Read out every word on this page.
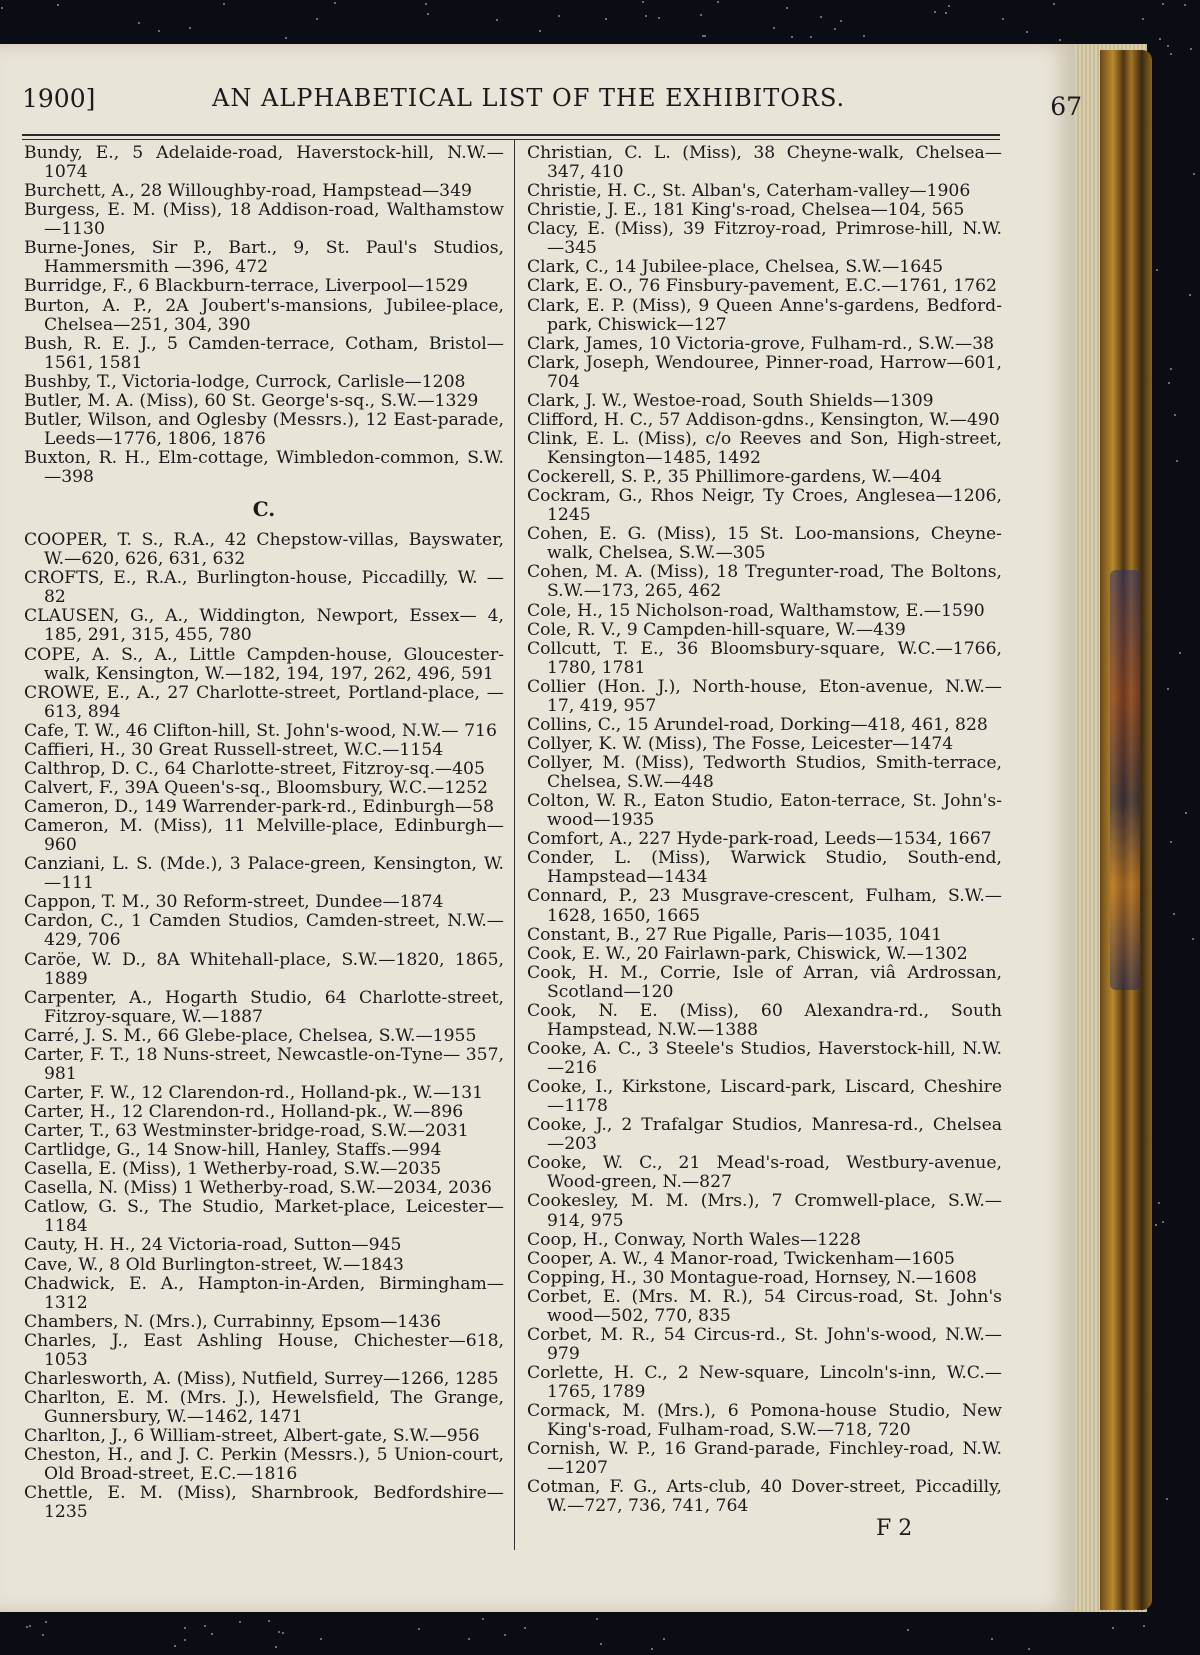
1900]	AN ALPHABETICAL LIST OF THE EXHIBITORS.	67

Bundy, E., 5 Adelaide-road, Haverstock-hill, N.W.— 1074

Burchett, A., 28 Willoughby-road, Hampstead—349

Burgess, E. M. (Miss), 18 Addison-road, Walthamstow —1130

Burne-Jones, Sir P., Bart., 9, St. Paul's Studios, Hammersmith —396, 472

Burridge, F., 6 Blackburn-terrace, Liverpool—1529

Burton, A. P., 2A Joubert's-mansions, Jubilee-place, Chelsea—251, 304, 390

Bush, R. E. J., 5 Camden-terrace, Cotham, Bristol— 1561, 1581

Bushby, T., Victoria-lodge, Currock, Carlisle—1208

Butler, M. A. (Miss), 60 St. George's-sq., S.W.—1329

Butler, Wilson, and Oglesby (Messrs.), 12 East-parade, Leeds—1776, 1806, 1876

Buxton, R. H., Elm-cottage, Wimbledon-common, S.W. —398

C.

COOPER, T. S., R.A., 42 Chepstow-villas, Bayswater, W.—620, 626, 631, 632

CROFTS, E., R.A., Burlington-house, Piccadilly, W. —82

CLAUSEN, G., A., Widdington, Newport, Essex— 4, 185, 291, 315, 455, 780

COPE, A. S., A., Little Campden-house, Gloucester-walk, Kensington, W.—182, 194, 197, 262, 496, 591

CROWE, E., A., 27 Charlotte-street, Portland-place, —613, 894

Cafe, T. W., 46 Clifton-hill, St. John's-wood, N.W.— 716

Caffieri, H., 30 Great Russell-street, W.C.—1154

Calthrop, D. C., 64 Charlotte-street, Fitzroy-sq.—405

Calvert, F., 39A Queen's-sq., Bloomsbury, W.C.—1252

Cameron, D., 149 Warrender-park-rd., Edinburgh—58

Cameron, M. (Miss), 11 Melville-place, Edinburgh—960

Canziani, L. S. (Mde.), 3 Palace-green, Kensington, W.—111

Cappon, T. M., 30 Reform-street, Dundee—1874

Cardon, C., 1 Camden Studios, Camden-street, N.W.— 429, 706

Caröe, W. D., 8A Whitehall-place, S.W.—1820, 1865, 1889

Carpenter, A., Hogarth Studio, 64 Charlotte-street, Fitzroy-square, W.—1887

Carré, J. S. M., 66 Glebe-place, Chelsea, S.W.—1955

Carter, F. T., 18 Nuns-street, Newcastle-on-Tyne— 357, 981

Carter, F. W., 12 Clarendon-rd., Holland-pk., W.—131

Carter, H., 12 Clarendon-rd., Holland-pk., W.—896

Carter, T., 63 Westminster-bridge-road, S.W.—2031

Cartlidge, G., 14 Snow-hill, Hanley, Staffs.—994

Casella, E. (Miss), 1 Wetherby-road, S.W.—2035

Casella, N. (Miss) 1 Wetherby-road, S.W.—2034, 2036

Catlow, G. S., The Studio, Market-place, Leicester— 1184

Cauty, H. H., 24 Victoria-road, Sutton—945

Cave, W., 8 Old Burlington-street, W.—1843

Chadwick, E. A., Hampton-in-Arden, Birmingham— 1312

Chambers, N. (Mrs.), Currabinny, Epsom—1436

Charles, J., East Ashling House, Chichester—618, 1053

Charlesworth, A. (Miss), Nutfield, Surrey—1266, 1285

Charlton, E. M. (Mrs. J.), Hewelsfield, The Grange, Gunnersbury, W.—1462, 1471

Charlton, J., 6 William-street, Albert-gate, S.W.—956

Cheston, H., and J. C. Perkin (Messrs.), 5 Union-court, Old Broad-street, E.C.—1816

Chettle, E. M. (Miss), Sharnbrook, Bedfordshire— 1235

Christian, C. L. (Miss), 38 Cheyne-walk, Chelsea—347, 410

Christie, H. C., St. Alban's, Caterham-valley—1906

Christie, J. E., 181 King's-road, Chelsea—104, 565

Clacy, E. (Miss), 39 Fitzroy-road, Primrose-hill, N.W. —345

Clark, C., 14 Jubilee-place, Chelsea, S.W.—1645

Clark, E. O., 76 Finsbury-pavement, E.C.—1761, 1762

Clark, E. P. (Miss), 9 Queen Anne's-gardens, Bedford-park, Chiswick—127

Clark, James, 10 Victoria-grove, Fulham-rd., S.W.—38

Clark, Joseph, Wendouree, Pinner-road, Harrow—601, 704

Clark, J. W., Westoe-road, South Shields—1309

Clifford, H. C., 57 Addison-gdns., Kensington, W.—490

Clink, E. L. (Miss), c/o Reeves and Son, High-street, Kensington—1485, 1492

Cockerell, S. P., 35 Phillimore-gardens, W.—404

Cockram, G., Rhos Neigr, Ty Croes, Anglesea—1206, 1245

Cohen, E. G. (Miss), 15 St. Loo-mansions, Cheyne-walk, Chelsea, S.W.—305

Cohen, M. A. (Miss), 18 Tregunter-road, The Boltons, S.W.—173, 265, 462

Cole, H., 15 Nicholson-road, Walthamstow, E.—1590

Cole, R. V., 9 Campden-hill-square, W.—439

Collcutt, T. E., 36 Bloomsbury-square, W.C.—1766, 1780, 1781

Collier (Hon. J.), North-house, Eton-avenue, N.W.— 17, 419, 957

Collins, C., 15 Arundel-road, Dorking—418, 461, 828

Collyer, K. W. (Miss), The Fosse, Leicester—1474

Collyer, M. (Miss), Tedworth Studios, Smith-terrace, Chelsea, S.W.—448

Colton, W. R., Eaton Studio, Eaton-terrace, St. John's-wood—1935

Comfort, A., 227 Hyde-park-road, Leeds—1534, 1667

Conder, L. (Miss), Warwick Studio, South-end, Hampstead—1434

Connard, P., 23 Musgrave-crescent, Fulham, S.W.— 1628, 1650, 1665

Constant, B., 27 Rue Pigalle, Paris—1035, 1041

Cook, E. W., 20 Fairlawn-park, Chiswick, W.—1302

Cook, H. M., Corrie, Isle of Arran, viâ Ardrossan, Scotland—120

Cook, N. E. (Miss), 60 Alexandra-rd., South Hampstead, N.W.—1388

Cooke, A. C., 3 Steele's Studios, Haverstock-hill, N.W. —216

Cooke, I., Kirkstone, Liscard-park, Liscard, Cheshire —1178

Cooke, J., 2 Trafalgar Studios, Manresa-rd., Chelsea —203

Cooke, W. C., 21 Mead's-road, Westbury-avenue, Wood-green, N.—827

Cookesley, M. M. (Mrs.), 7 Cromwell-place, S.W.— 914, 975

Coop, H., Conway, North Wales—1228

Cooper, A. W., 4 Manor-road, Twickenham—1605

Copping, H., 30 Montague-road, Hornsey, N.—1608

Corbet, E. (Mrs. M. R.), 54 Circus-road, St. John's wood—502, 770, 835

Corbet, M. R., 54 Circus-rd., St. John's-wood, N.W.—979

Corlette, H. C., 2 New-square, Lincoln's-inn, W.C.— 1765, 1789

Cormack, M. (Mrs.), 6 Pomona-house Studio, New King's-road, Fulham-road, S.W.—718, 720

Cornish, W. P., 16 Grand-parade, Finchley-road, N.W. —1207

Cotman, F. G., Arts-club, 40 Dover-street, Piccadilly, W.—727, 736, 741, 764

F 2
